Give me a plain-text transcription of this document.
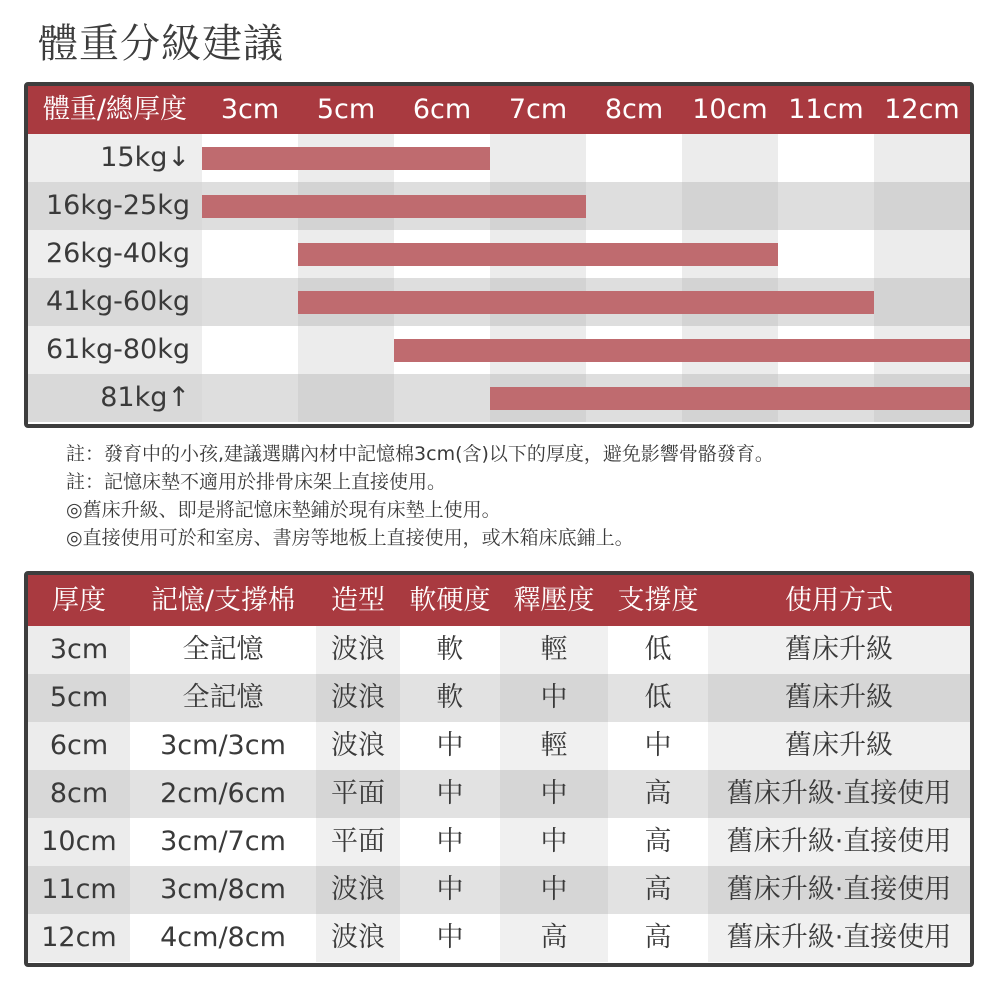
體重分級建議
體重/總厚度	3cm	5cm	6cm	7cm	8cm	10cm 11cm 12cm
15kg↓
16kg-25kg
26kg-40kg
41kg-60kg
61kg-80kg
81kg↑
註：發育中的小孩,建議選購內材中記憶棉3cm(含)以下的厚度，避免影響骨骼發育。
註：記憶床墊不適用於排骨床架上直接使用。
◎舊床升級、即是將記憶床墊鋪於現有床墊上使用。
◎直接使用可於和室房、書房等地板上直接使用，或木箱床底鋪上。
厚度	記憶/支撐棉	造型 軟硬度 釋壓度 支撐度	使用方式
3cm	全記憶	波浪	軟	輕	低	舊床升級
5cm	全記憶	波浪	軟	中	低	舊床升級
6cm	3cm/3cm	波浪	中	輕	中	舊床升級
8cm	2cm/6cm	平面	中	中	高	舊床升級·直接使用
10cm	3cm/7cm	平面	中	中	高	舊床升級·直接使用
11cm	3cm/8cm	波浪	中	中	高	舊床升級·直接使用
12cm	4cm/8cm	波浪	中	高	高	舊床升級·直接使用
